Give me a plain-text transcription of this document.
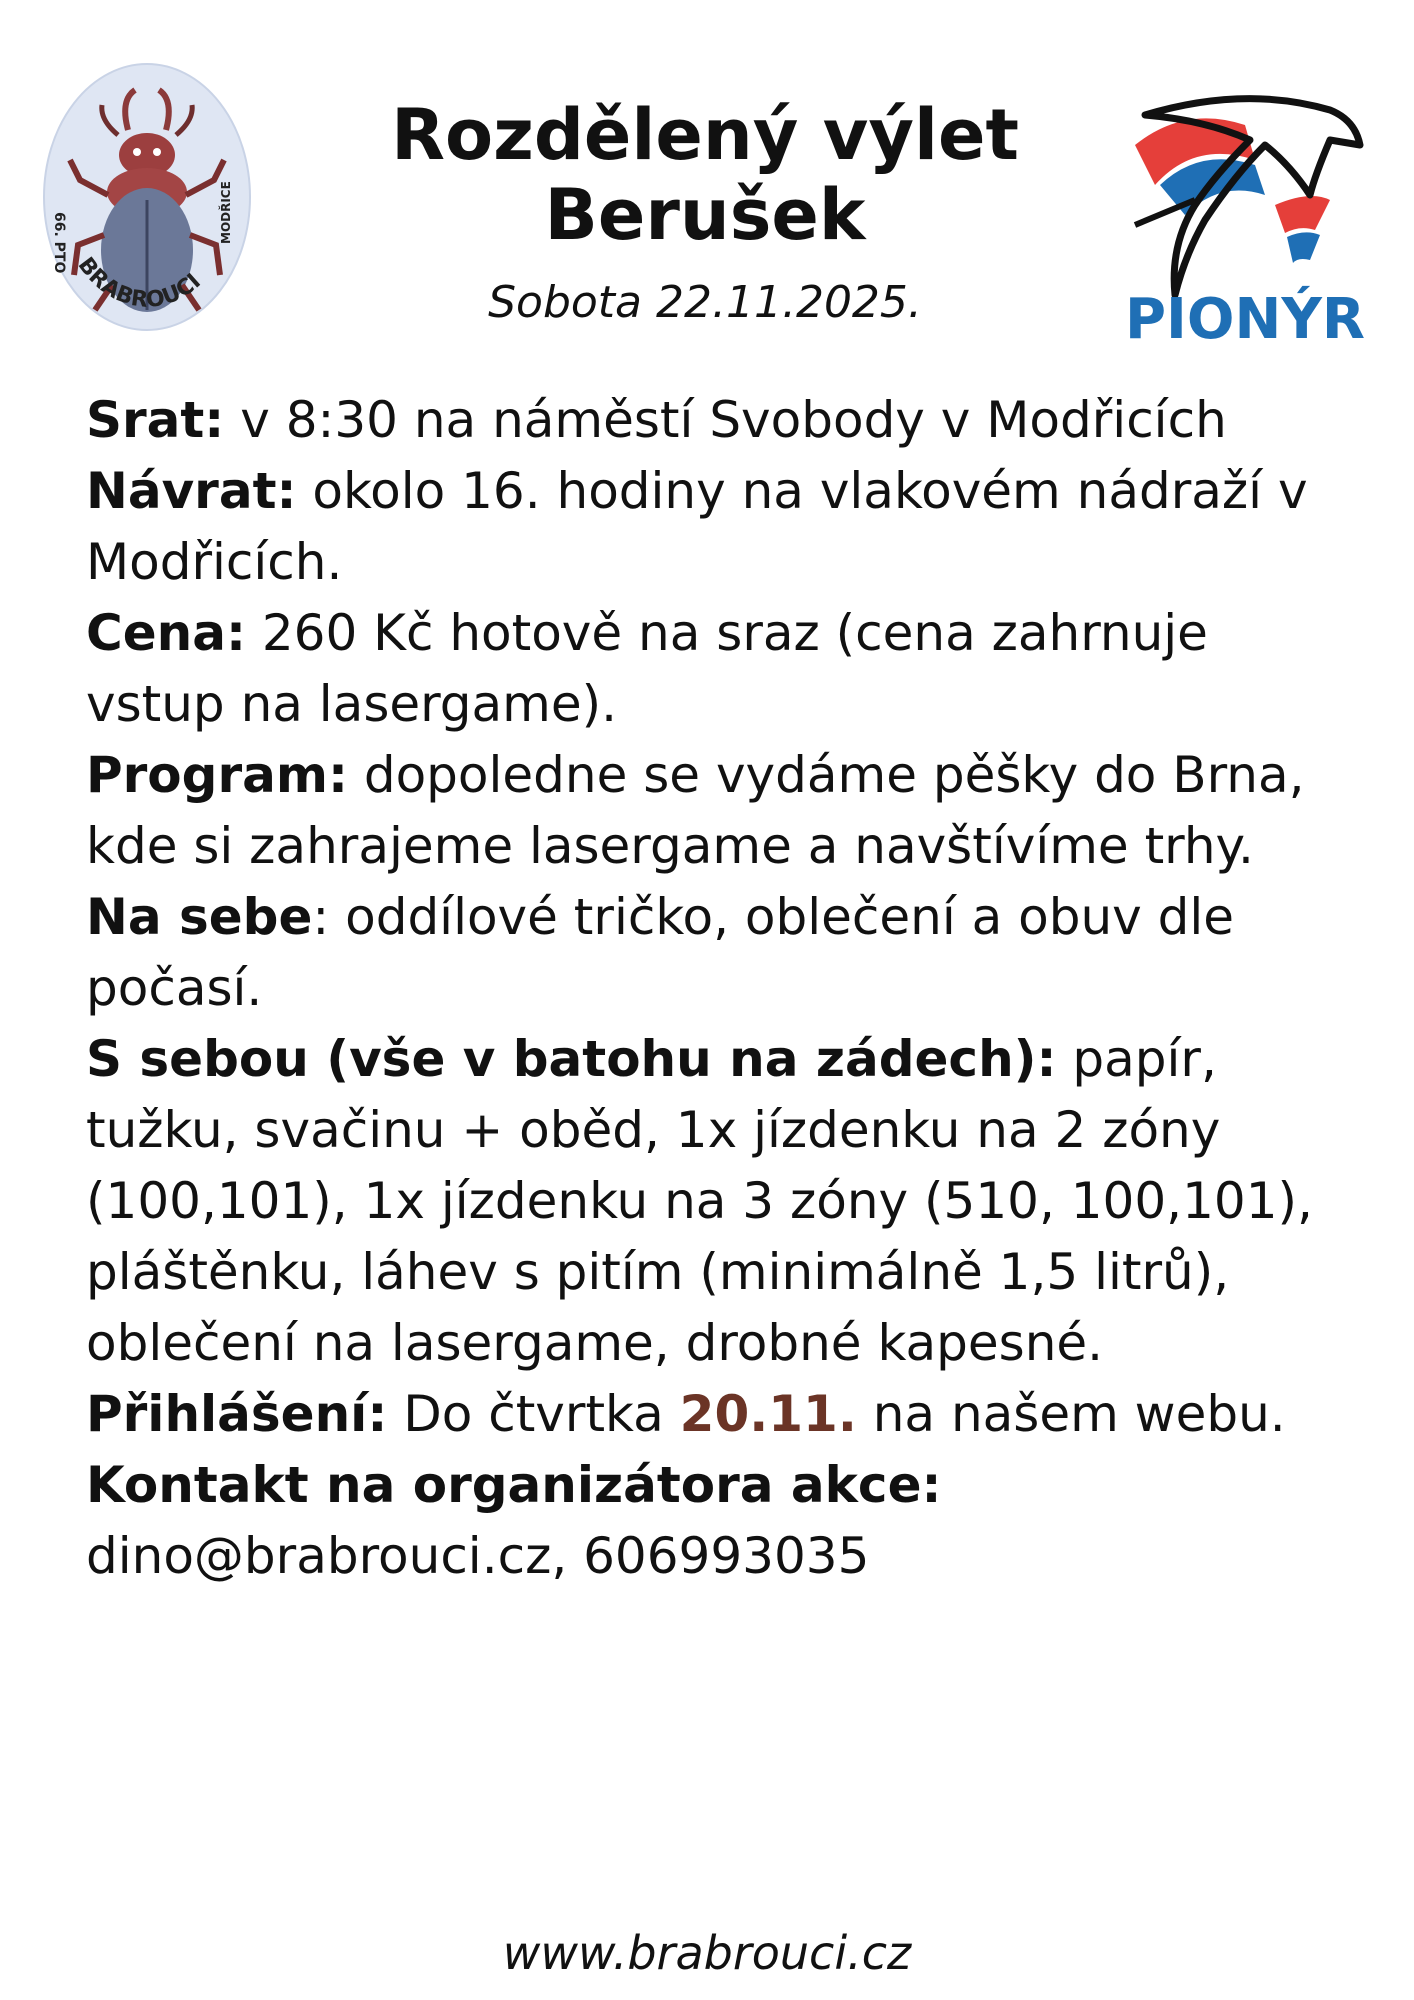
66. PTO	MODŘICE
BRABROUCI
PIONÝR
Rozdělený výlet
Berušek
Sobota 22.11.2025.

Srat: v 8:30 na náměstí Svobody v Modřicích

Návrat: okolo 16. hodiny na vlakovém nádraží v Modřicích.

Cena: 260 Kč hotově na sraz (cena zahrnuje vstup na lasergame).

Program: dopoledne se vydáme pěšky do Brna, kde si zahrajeme lasergame a navštívíme trhy.

Na sebe: oddílové tričko, oblečení a obuv dle počasí.

S sebou (vše v batohu na zádech): papír, tužku, svačinu + oběd, 1x jízdenku na 2 zóny (100,101), 1x jízdenku na 3 zóny (510, 100,101), pláštěnku, láhev s pitím (minimálně 1,5 litrů), oblečení na lasergame, drobné kapesné.

Přihlášení: Do čtvrtka 20.11. na našem webu.

Kontakt na organizátora akce:
dino@brabrouci.cz, 606993035

www.brabrouci.cz
